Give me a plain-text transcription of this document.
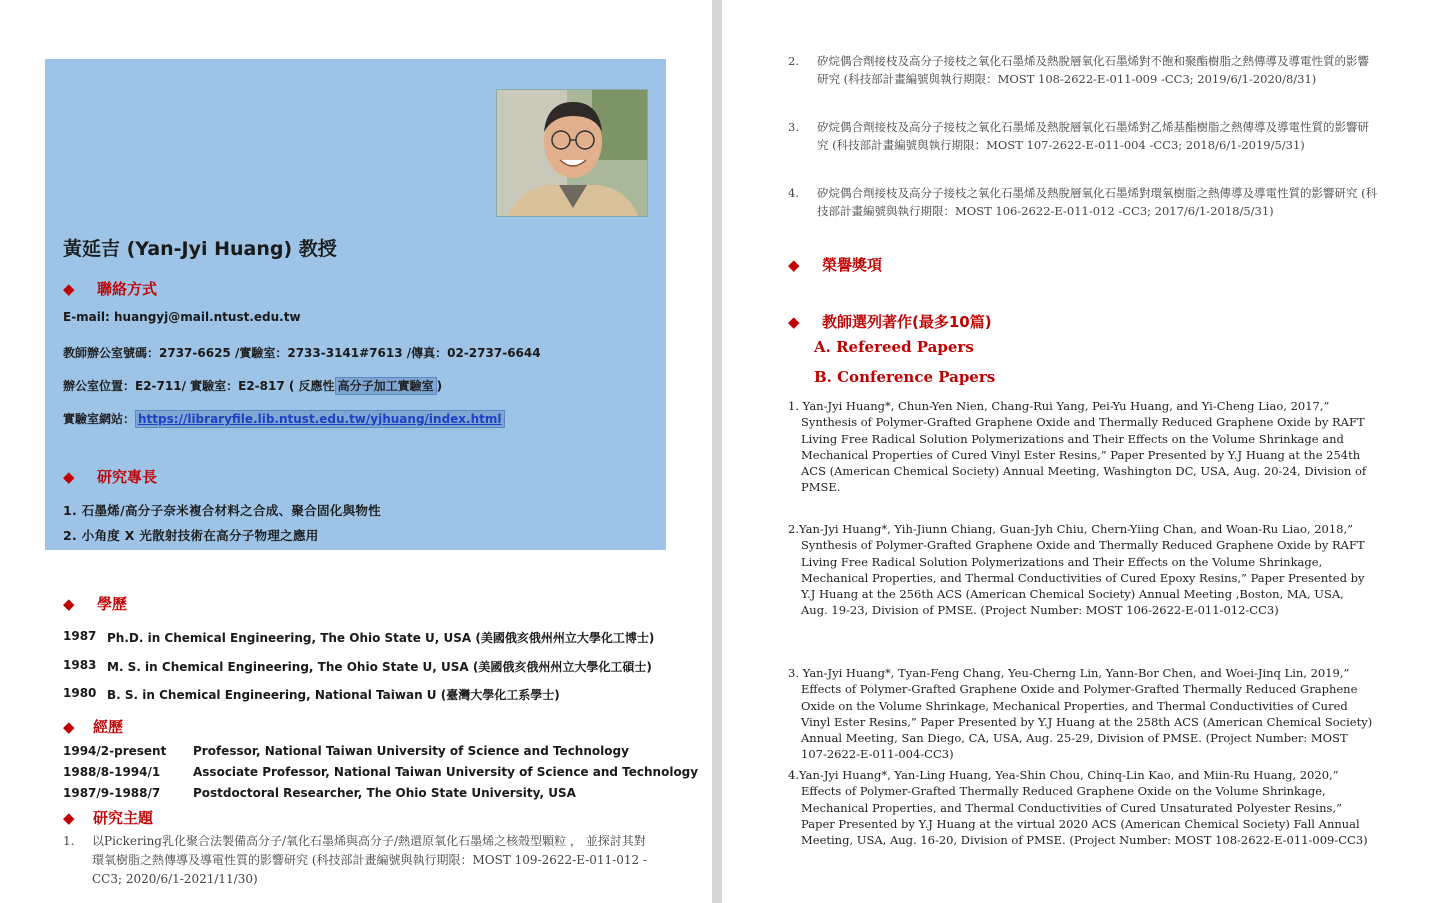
黃延吉 (Yan-Jyi Huang) 教授
◆	聯絡方式
E-mail: huangyj@mail.ntust.edu.tw
教師辦公室號碼：2737-6625 /實驗室：2733-3141#7613 /傳真：02-2737-6644
辦公室位置：E2-711/ 實驗室：E2-817 ( 反應性 高分子加工實驗室 )
實驗室網站： https://libraryfile.lib.ntust.edu.tw/yjhuang/index.html
◆	研究專長
1. 石墨烯/高分子奈米複合材料之合成、聚合固化與物性
2. 小角度 X 光散射技術在高分子物理之應用
◆	學歷
1987 Ph.D. in Chemical Engineering, The Ohio State U, USA (美國俄亥俄州州立大學化工博士)
1983 M. S. in Chemical Engineering, The Ohio State U, USA (美國俄亥俄州州立大學化工碩士)
1980 B. S. in Chemical Engineering, National Taiwan U (臺灣大學化工系學士)
◆	經歷
1994/2-present	Professor, National Taiwan University of Science and Technology
1988/8-1994/1	Associate Professor, National Taiwan University of Science and Technology
1987/9-1988/7	Postdoctoral Researcher, The Ohio State University, USA
◆	研究主題
1.	以Pickering乳化聚合法製備高分子/氧化石墨烯與高分子/熱還原氧化石墨烯之核殼型顆粒 ， 並探討其對環氧樹脂之熱傳導及導電性質的影響研究 (科技部計畫編號與執行期限：MOST 109-2622-E-011-012 -CC3; 2020/6/1-2021/11/30)
2.	矽烷偶合劑接枝及高分子接枝之氧化石墨烯及熱脫層氧化石墨烯對不飽和聚酯樹脂之熱傳導及導電性質的影響研究 (科技部計畫編號與執行期限：MOST 108-2622-E-011-009 -CC3; 2019/6/1-2020/8/31)
3.	矽烷偶合劑接枝及高分子接枝之氧化石墨烯及熱脫層氧化石墨烯對乙烯基酯樹脂之熱傳導及導電性質的影響研究 (科技部計畫編號與執行期限：MOST 107-2622-E-011-004 -CC3; 2018/6/1-2019/5/31)
4.	矽烷偶合劑接枝及高分子接枝之氧化石墨烯及熱脫層氧化石墨烯對環氧樹脂之熱傳導及導電性質的影響研究 (科技部計畫編號與執行期限：MOST 106-2622-E-011-012 -CC3; 2017/6/1-2018/5/31)
◆	榮譽獎項
◆	教師選列著作(最多10篇)
A. Refereed Papers
B. Conference Papers
1. Yan-Jyi Huang*, Chun-Yen Nien, Chang-Rui Yang, Pei-Yu Huang, and Yi-Cheng Liao, 2017,” Synthesis of Polymer-Grafted Graphene Oxide and Thermally Reduced Graphene Oxide by RAFT Living Free Radical Solution Polymerizations and Their Effects on the Volume Shrinkage and Mechanical Properties of Cured Vinyl Ester Resins,” Paper Presented by Y.J Huang at the 254th ACS (American Chemical Society) Annual Meeting, Washington DC, USA, Aug. 20-24, Division of PMSE.
2.Yan-Jyi Huang*, Yih-Jiunn Chiang, Guan-Jyh Chiu, Chern-Yiing Chan, and Woan-Ru Liao, 2018,” Synthesis of Polymer-Grafted Graphene Oxide and Thermally Reduced Graphene Oxide by RAFT Living Free Radical Solution Polymerizations and Their Effects on the Volume Shrinkage, Mechanical Properties, and Thermal Conductivities of Cured Epoxy Resins,” Paper Presented by Y.J Huang at the 256th ACS (American Chemical Society) Annual Meeting ,Boston, MA, USA, Aug. 19-23, Division of PMSE. (Project Number: MOST 106-2622-E-011-012-CC3)
3. Yan-Jyi Huang*, Tyan-Feng Chang, Yeu-Cherng Lin, Yann-Bor Chen, and Woei-Jinq Lin, 2019,” Effects of Polymer-Grafted Graphene Oxide and Polymer-Grafted Thermally Reduced Graphene Oxide on the Volume Shrinkage, Mechanical Properties, and Thermal Conductivities of Cured Vinyl Ester Resins,” Paper Presented by Y.J Huang at the 258th ACS (American Chemical Society) Annual Meeting, San Diego, CA, USA, Aug. 25-29, Division of PMSE. (Project Number: MOST 107-2622-E-011-004-CC3)
4.Yan-Jyi Huang*, Yan-Ling Huang, Yea-Shin Chou, Chinq-Lin Kao, and Miin-Ru Huang, 2020,” Effects of Polymer-Grafted Thermally Reduced Graphene Oxide on the Volume Shrinkage, Mechanical Properties, and Thermal Conductivities of Cured Unsaturated Polyester Resins,” Paper Presented by Y.J Huang at the virtual 2020 ACS (American Chemical Society) Fall Annual Meeting, USA, Aug. 16-20, Division of PMSE. (Project Number: MOST 108-2622-E-011-009-CC3)
